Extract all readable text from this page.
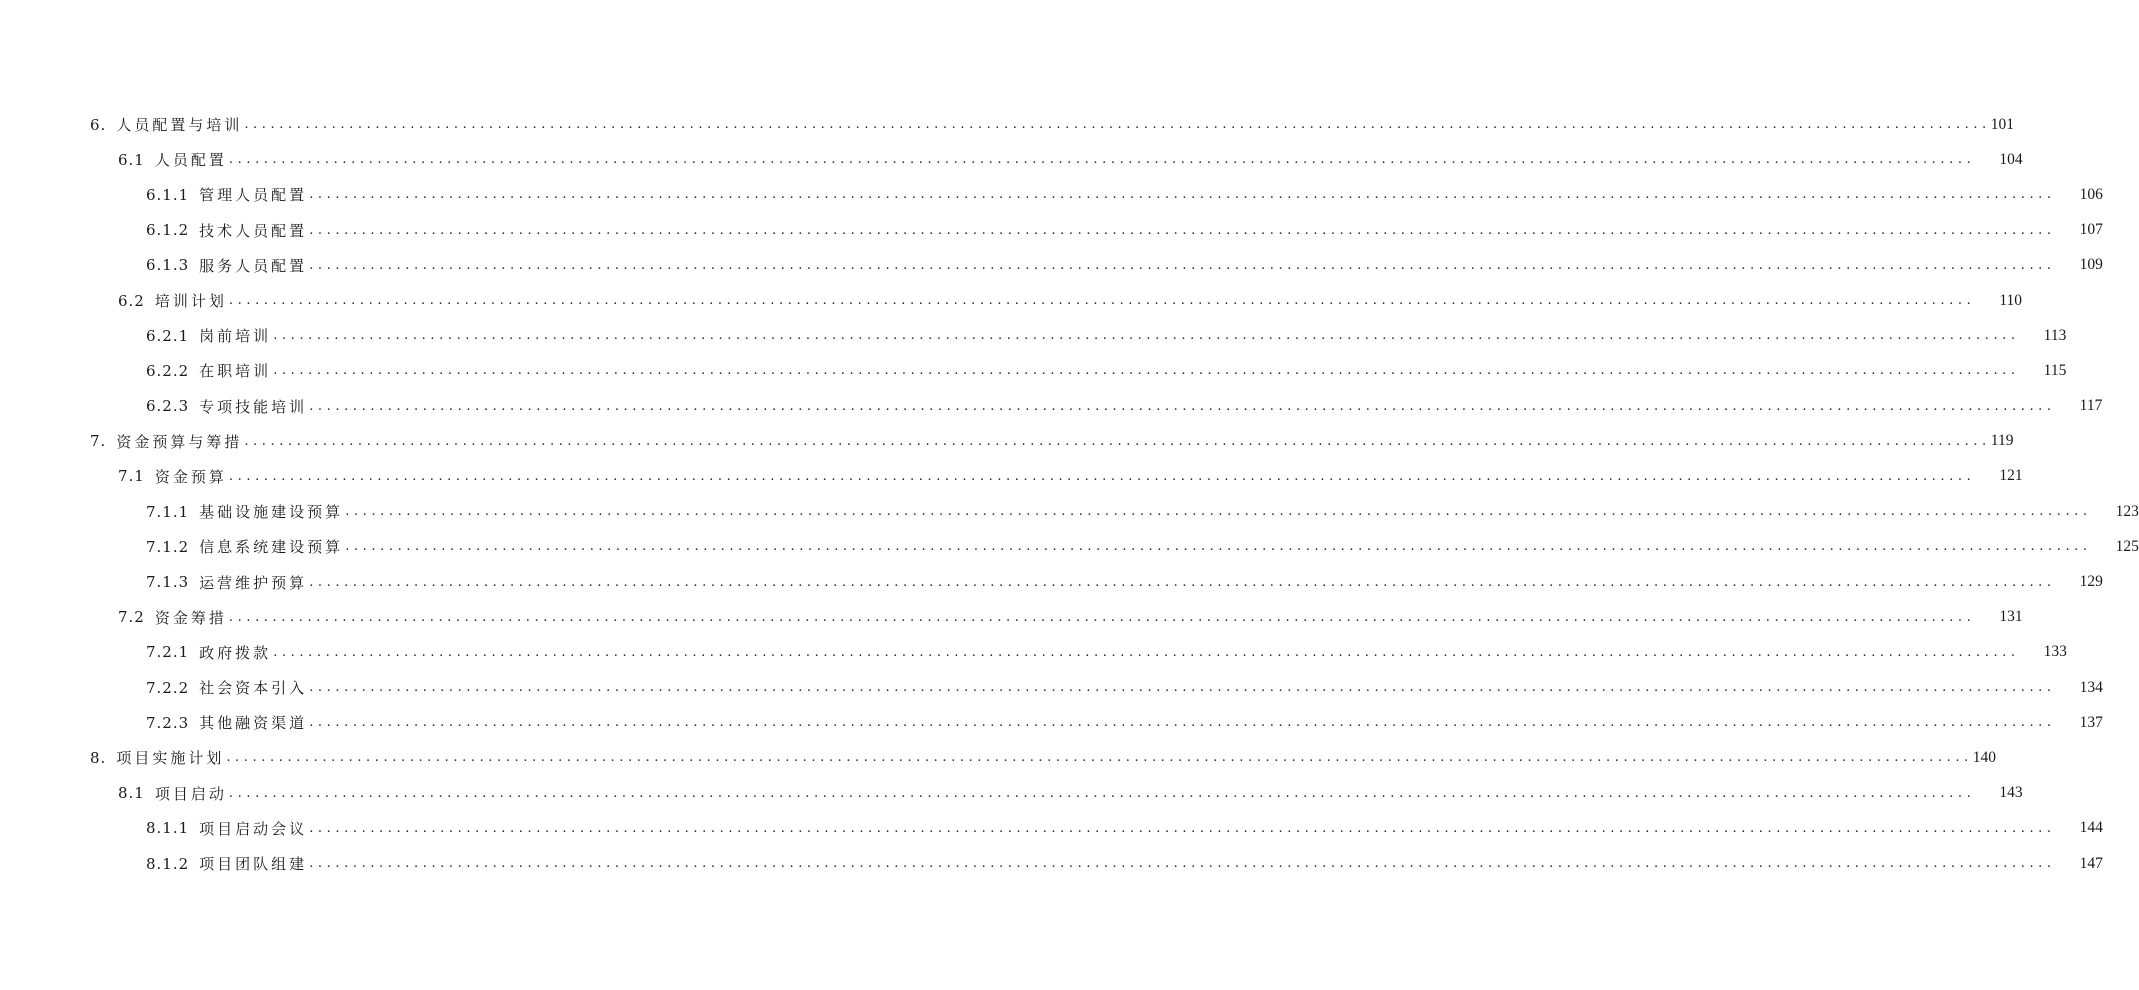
6. 人员配置与培训 ........................................................................................................................................................................................................ 101
6.1 人员配置 ........................................................................................................................................................................................................ 104
6.1.1 管理人员配置 ........................................................................................................................................................................................................ 106
6.1.2 技术人员配置 ........................................................................................................................................................................................................ 107
6.1.3 服务人员配置 ........................................................................................................................................................................................................ 109
6.2 培训计划 ........................................................................................................................................................................................................ 110
6.2.1 岗前培训 ........................................................................................................................................................................................................ 113
6.2.2 在职培训 ........................................................................................................................................................................................................ 115
6.2.3 专项技能培训 ........................................................................................................................................................................................................ 117
7. 资金预算与筹措 ........................................................................................................................................................................................................ 119
7.1 资金预算 ........................................................................................................................................................................................................ 121
7.1.1 基础设施建设预算 ........................................................................................................................................................................................................ 123
7.1.2 信息系统建设预算 ........................................................................................................................................................................................................ 125
7.1.3 运营维护预算 ........................................................................................................................................................................................................ 129
7.2 资金筹措 ........................................................................................................................................................................................................ 131
7.2.1 政府拨款 ........................................................................................................................................................................................................ 133
7.2.2 社会资本引入 ........................................................................................................................................................................................................ 134
7.2.3 其他融资渠道 ........................................................................................................................................................................................................ 137
8. 项目实施计划 ........................................................................................................................................................................................................ 140
8.1 项目启动 ........................................................................................................................................................................................................ 143
8.1.1 项目启动会议 ........................................................................................................................................................................................................ 144
8.1.2 项目团队组建 ........................................................................................................................................................................................................ 147
